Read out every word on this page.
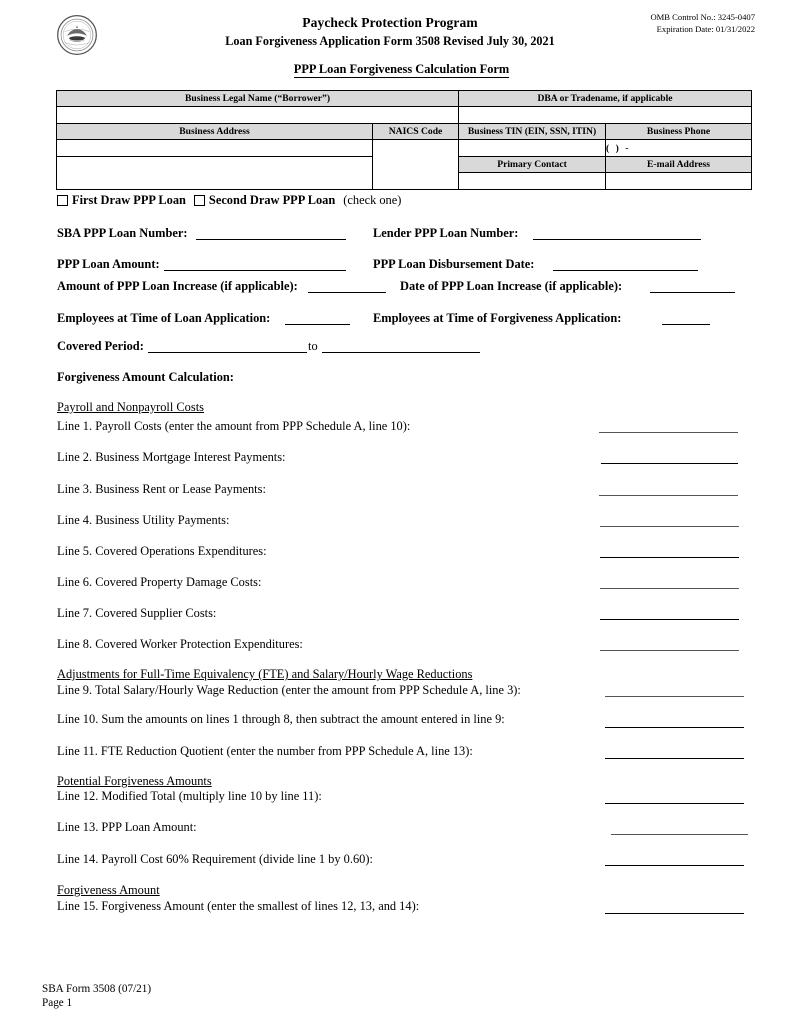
Paycheck Protection Program
Loan Forgiveness Application Form 3508 Revised July 30, 2021
OMB Control No.: 3245-0407
Expiration Date: 01/31/2022
PPP Loan Forgiveness Calculation Form
Business Legal Name (“Borrower”)		DBA or Tradename, if applicable	

Business Address	NAICS Code	Business TIN (EIN, SSN, ITIN)	Business Phone
			( ) -
		Primary Contact	E-mail Address

First Draw PPP Loan Second Draw PPP Loan (check one)
SBA PPP Loan Number:	Lender PPP Loan Number:
PPP Loan Amount:	PPP Loan Disbursement Date:
Amount of PPP Loan Increase (if applicable):	Date of PPP Loan Increase (if applicable):
Employees at Time of Loan Application:	Employees at Time of Forgiveness Application:
Covered Period:	to
Forgiveness Amount Calculation:
Payroll and Nonpayroll Costs
Line 1. Payroll Costs (enter the amount from PPP Schedule A, line 10):
Line 2. Business Mortgage Interest Payments:
Line 3. Business Rent or Lease Payments:
Line 4. Business Utility Payments:
Line 5. Covered Operations Expenditures:
Line 6. Covered Property Damage Costs:
Line 7. Covered Supplier Costs:
Line 8. Covered Worker Protection Expenditures:
Adjustments for Full-Time Equivalency (FTE) and Salary/Hourly Wage Reductions
Line 9. Total Salary/Hourly Wage Reduction (enter the amount from PPP Schedule A, line 3):
Line 10. Sum the amounts on lines 1 through 8, then subtract the amount entered in line 9:
Line 11. FTE Reduction Quotient (enter the number from PPP Schedule A, line 13):
Potential Forgiveness Amounts
Line 12. Modified Total (multiply line 10 by line 11):
Line 13. PPP Loan Amount:
Line 14. Payroll Cost 60% Requirement (divide line 1 by 0.60):
Forgiveness Amount
Line 15. Forgiveness Amount (enter the smallest of lines 12, 13, and 14):
SBA Form 3508 (07/21)
Page 1
